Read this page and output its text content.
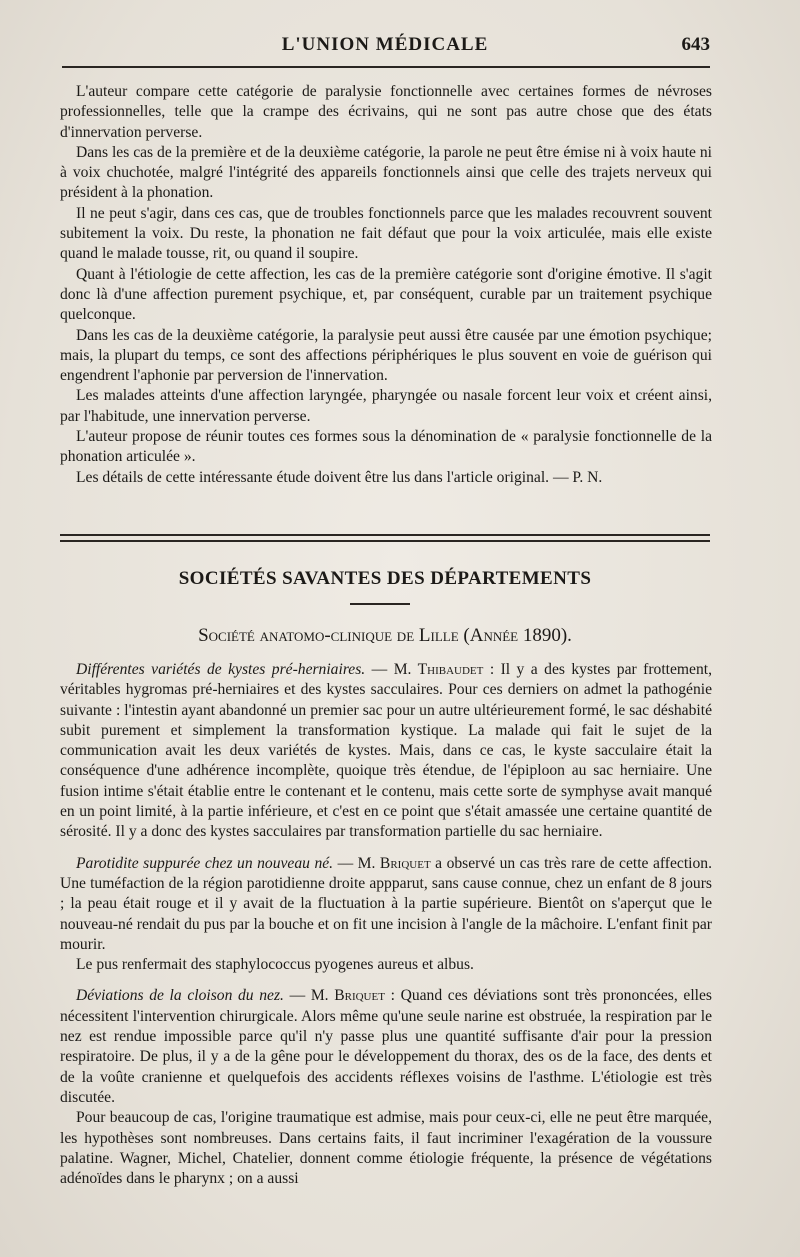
L'UNION MÉDICALE	643

L'auteur compare cette catégorie de paralysie fonctionnelle avec certaines formes de névroses professionnelles, telle que la crampe des écrivains, qui ne sont pas autre chose que des états d'innervation perverse.

Dans les cas de la première et de la deuxième catégorie, la parole ne peut être émise ni à voix haute ni à voix chuchotée, malgré l'intégrité des appareils fonctionnels ainsi que celle des trajets nerveux qui président à la phonation.

Il ne peut s'agir, dans ces cas, que de troubles fonctionnels parce que les malades recouvrent souvent subitement la voix. Du reste, la phonation ne fait défaut que pour la voix articulée, mais elle existe quand le malade tousse, rit, ou quand il soupire.

Quant à l'étiologie de cette affection, les cas de la première catégorie sont d'origine émotive. Il s'agit donc là d'une affection purement psychique, et, par conséquent, curable par un traitement psychique quelconque.

Dans les cas de la deuxième catégorie, la paralysie peut aussi être causée par une émotion psychique; mais, la plupart du temps, ce sont des affections périphériques le plus souvent en voie de guérison qui engendrent l'aphonie par perversion de l'innervation.

Les malades atteints d'une affection laryngée, pharyngée ou nasale forcent leur voix et créent ainsi, par l'habitude, une innervation perverse.

L'auteur propose de réunir toutes ces formes sous la dénomination de « paralysie fonctionnelle de la phonation articulée ».

Les détails de cette intéressante étude doivent être lus dans l'article original. — P. N.

SOCIÉTÉS SAVANTES DES DÉPARTEMENTS
Société anatomo-clinique de Lille (Année 1890).

Différentes variétés de kystes pré-herniaires. — M. Thibaudet : Il y a des kystes par frottement, véritables hygromas pré-herniaires et des kystes sacculaires. Pour ces derniers on admet la pathogénie suivante : l'intestin ayant abandonné un premier sac pour un autre ultérieurement formé, le sac déshabité subit purement et simplement la transformation kystique. La malade qui fait le sujet de la communication avait les deux variétés de kystes. Mais, dans ce cas, le kyste sacculaire était la conséquence d'une adhérence incomplète, quoique très étendue, de l'épiploon au sac herniaire. Une fusion intime s'était établie entre le contenant et le contenu, mais cette sorte de symphyse avait manqué en un point limité, à la partie inférieure, et c'est en ce point que s'était amassée une certaine quantité de sérosité. Il y a donc des kystes sacculaires par transformation partielle du sac herniaire.

Parotidite suppurée chez un nouveau né. — M. Briquet a observé un cas très rare de cette affection. Une tuméfaction de la région parotidienne droite appparut, sans cause connue, chez un enfant de 8 jours ; la peau était rouge et il y avait de la fluctuation à la partie supérieure. Bientôt on s'aperçut que le nouveau-né rendait du pus par la bouche et on fit une incision à l'angle de la mâchoire. L'enfant finit par mourir.

Le pus renfermait des staphylococcus pyogenes aureus et albus.

Déviations de la cloison du nez. — M. Briquet : Quand ces déviations sont très prononcées, elles nécessitent l'intervention chirurgicale. Alors même qu'une seule narine est obstruée, la respiration par le nez est rendue impossible parce qu'il n'y passe plus une quantité suffisante d'air pour la pression respiratoire. De plus, il y a de la gêne pour le développement du thorax, des os de la face, des dents et de la voûte cranienne et quelquefois des accidents réflexes voisins de l'asthme. L'étiologie est très discutée.

Pour beaucoup de cas, l'origine traumatique est admise, mais pour ceux-ci, elle ne peut être marquée, les hypothèses sont nombreuses. Dans certains faits, il faut incriminer l'exagération de la voussure palatine. Wagner, Michel, Chatelier, donnent comme étiologie fréquente, la présence de végétations adénoïdes dans le pharynx ; on a aussi
